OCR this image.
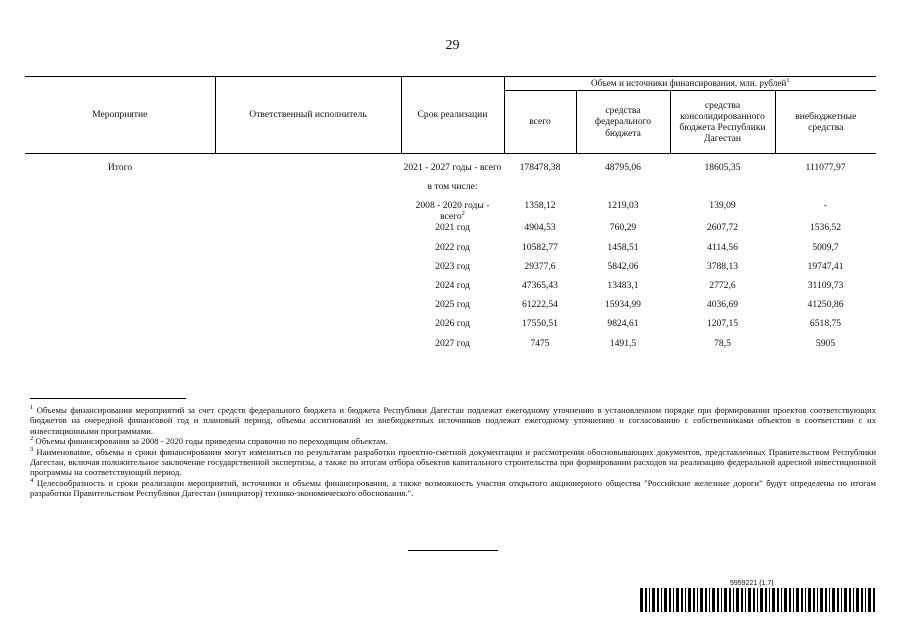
29
Мероприятие	Ответственный исполнитель	Срок реализации	Объем и источники финансирования, млн. рублей$^1$
			всего	средства федерального бюджета	средства консолидированного бюджета Республики Дагестан	внебюджетные средства

Итого		2021 - 2027 годы - всего	178478,38	48795,06	18605,35	111077,97
		в том числе:				
		2008 - 2020 годы - всего$^2$	1358,12	1219,03	139,09	-
		2021 год	4904,53	760,29	2607,72	1536,52
		2022 год	10582,77	1458,51	4114,56	5009,7
		2023 год	29377,6	5842,06	3788,13	19747,41
		2024 год	47365,43	13483,1	2772,6	31109,73
		2025 год	61222,54	15934,99	4036,69	41250,86
		2026 год	17550,51	9824,61	1207,15	6518,75
		2027 год	7475	1491,5	78,5	5905

$^1$ Объемы финансирования мероприятий за счет средств федерального бюджета и бюджета Республики Дагестан подлежат ежегодному уточнению в установленном порядке при формировании проектов соответствующих бюджетов на очередной финансовой год и плановый период, объемы ассигнований из внебюджетных источников подлежат ежегодному уточнению и согласованию с собственниками объектов в соответствии с их инвестиционными программами.

$^2$ Объемы финансирования за 2008 - 2020 годы приведены справочно по переходящим объектам.

$^3$ Наименование, объемы и сроки финансирования могут измениться по результатам разработки проектно-сметной документации и рассмотрения обосновывающих документов, представленных Правительством Республики Дагестан, включая положительное заключение государственной экспертизы, а также по итогам отбора объектов капитального строительства при формировании расходов на реализацию федеральной адресной инвестиционной программы на соответствующий период.

$^4$ Целесообразность и сроки реализации мероприятий, источники и объемы финансирования, а также возможность участия открытого акционерного общества "Российские железные дороги" будут определены по итогам разработки Правительством Республики Дагестан (инициатор) технико-экономического обоснования.".

5959221 (1.7)
